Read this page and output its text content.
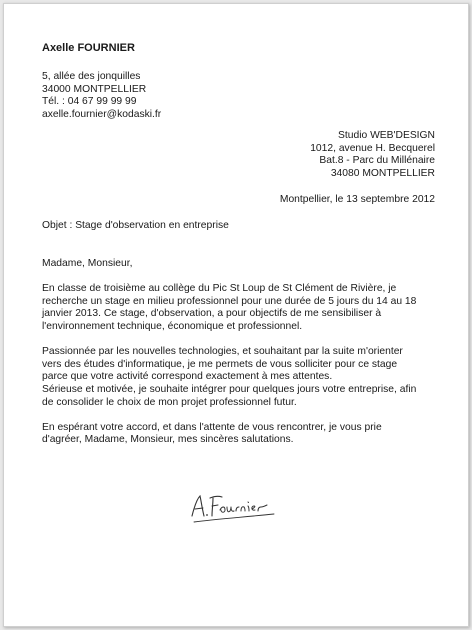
Axelle FOURNIER
5, allée des jonquilles
34000 MONTPELLIER
Tél. : 04 67 99 99 99
axelle.fournier@kodaski.fr
Studio WEB'DESIGN
1012, avenue H. Becquerel
Bat.8 - Parc du Millénaire
34080 MONTPELLIER
Montpellier, le 13 septembre 2012
Objet : Stage d'observation en entreprise

Madame, Monsieur,

En classe de troisième au collège du Pic St Loup de St Clément de Rivière, je
recherche un stage en milieu professionnel pour une durée de 5 jours du 14 au 18
janvier 2013. Ce stage, d'observation, a pour objectifs de me sensibiliser à
l'environnement technique, économique et professionnel.

Passionnée par les nouvelles technologies, et souhaitant par la suite m'orienter
vers des études d'informatique, je me permets de vous solliciter pour ce stage
parce que votre activité correspond exactement à mes attentes.
Sérieuse et motivée, je souhaite intégrer pour quelques jours votre entreprise, afin
de consolider le choix de mon projet professionnel futur.

En espérant votre accord, et dans l'attente de vous rencontrer, je vous prie
d'agréer, Madame, Monsieur, mes sincères salutations.
